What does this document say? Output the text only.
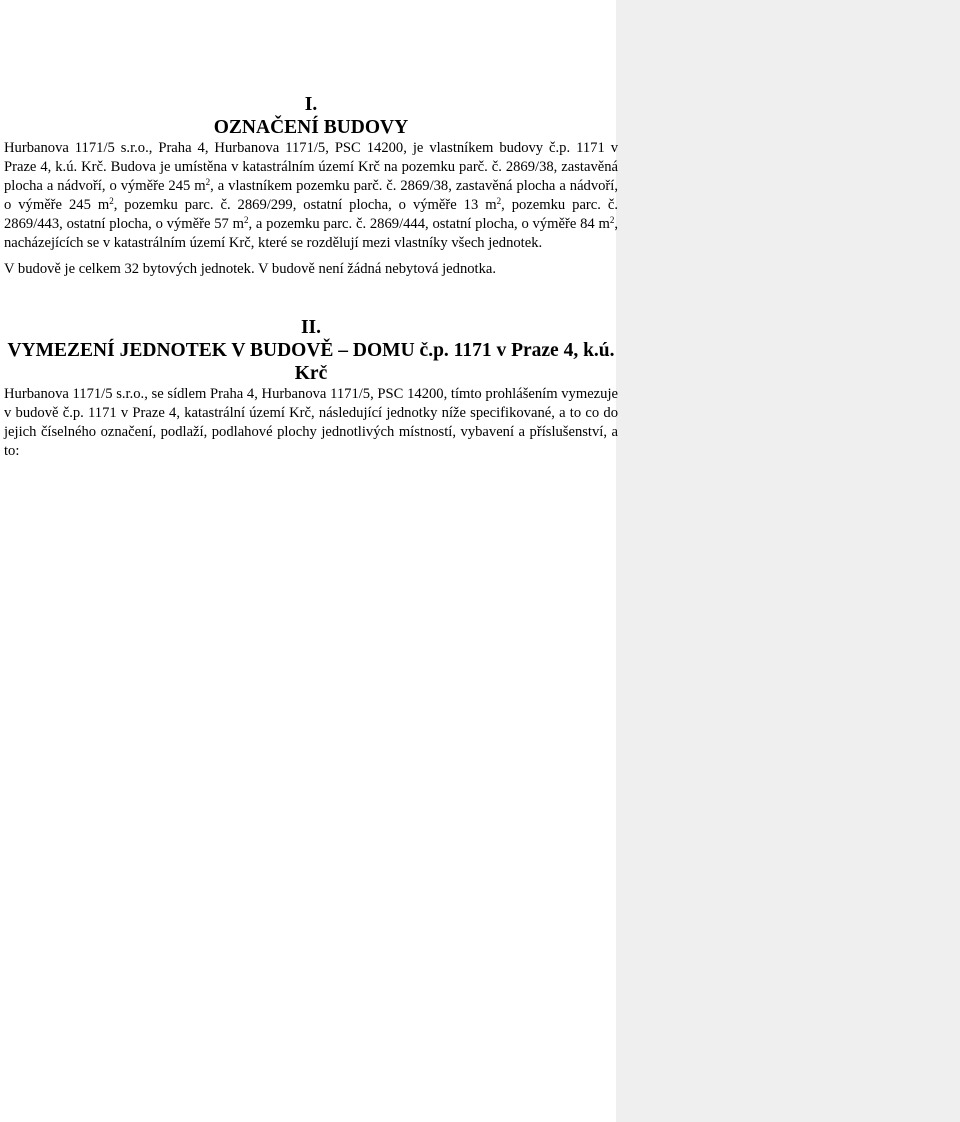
I.
OZNAČENÍ BUDOVY

Hurbanova 1171/5 s.r.o., Praha 4, Hurbanova 1171/5, PSC 14200, je vlastníkem budovy č.p. 1171 v Praze 4, k.ú. Krč. Budova je umístěna v katastrálním území Krč na pozemku parč. č. 2869/38, zastavěná plocha a nádvoří, o výměře 245 $m^2$, a vlastníkem pozemku parč. č. 2869/38, zastavěná plocha a nádvoří, o výměře 245 $m^2$, pozemku parc. č. 2869/299, ostatní plocha, o výměře 13 $m^2$, pozemku parc. č. 2869/443, ostatní plocha, o výměře 57 $m^2$, a pozemku parc. č. 2869/444, ostatní plocha, o výměře 84 $m^2$, nacházejících se v katastrálním území Krč, které se rozdělují mezi vlastníky všech jednotek.

V budově je celkem 32 bytových jednotek. V budově není žádná nebytová jednotka.

II.
VYMEZENÍ JEDNOTEK V BUDOVĚ – DOMU č.p. 1171 v Praze 4, k.ú. Krč

Hurbanova 1171/5 s.r.o., se sídlem Praha 4, Hurbanova 1171/5, PSC 14200, tímto prohlášením vymezuje v budově č.p. 1171 v Praze 4, katastrální území Krč, následující jednotky níže specifikované, a to co do jejich číselného označení, podlaží, podlahové plochy jednotlivých místností, vybavení a příslušenství, a to:
